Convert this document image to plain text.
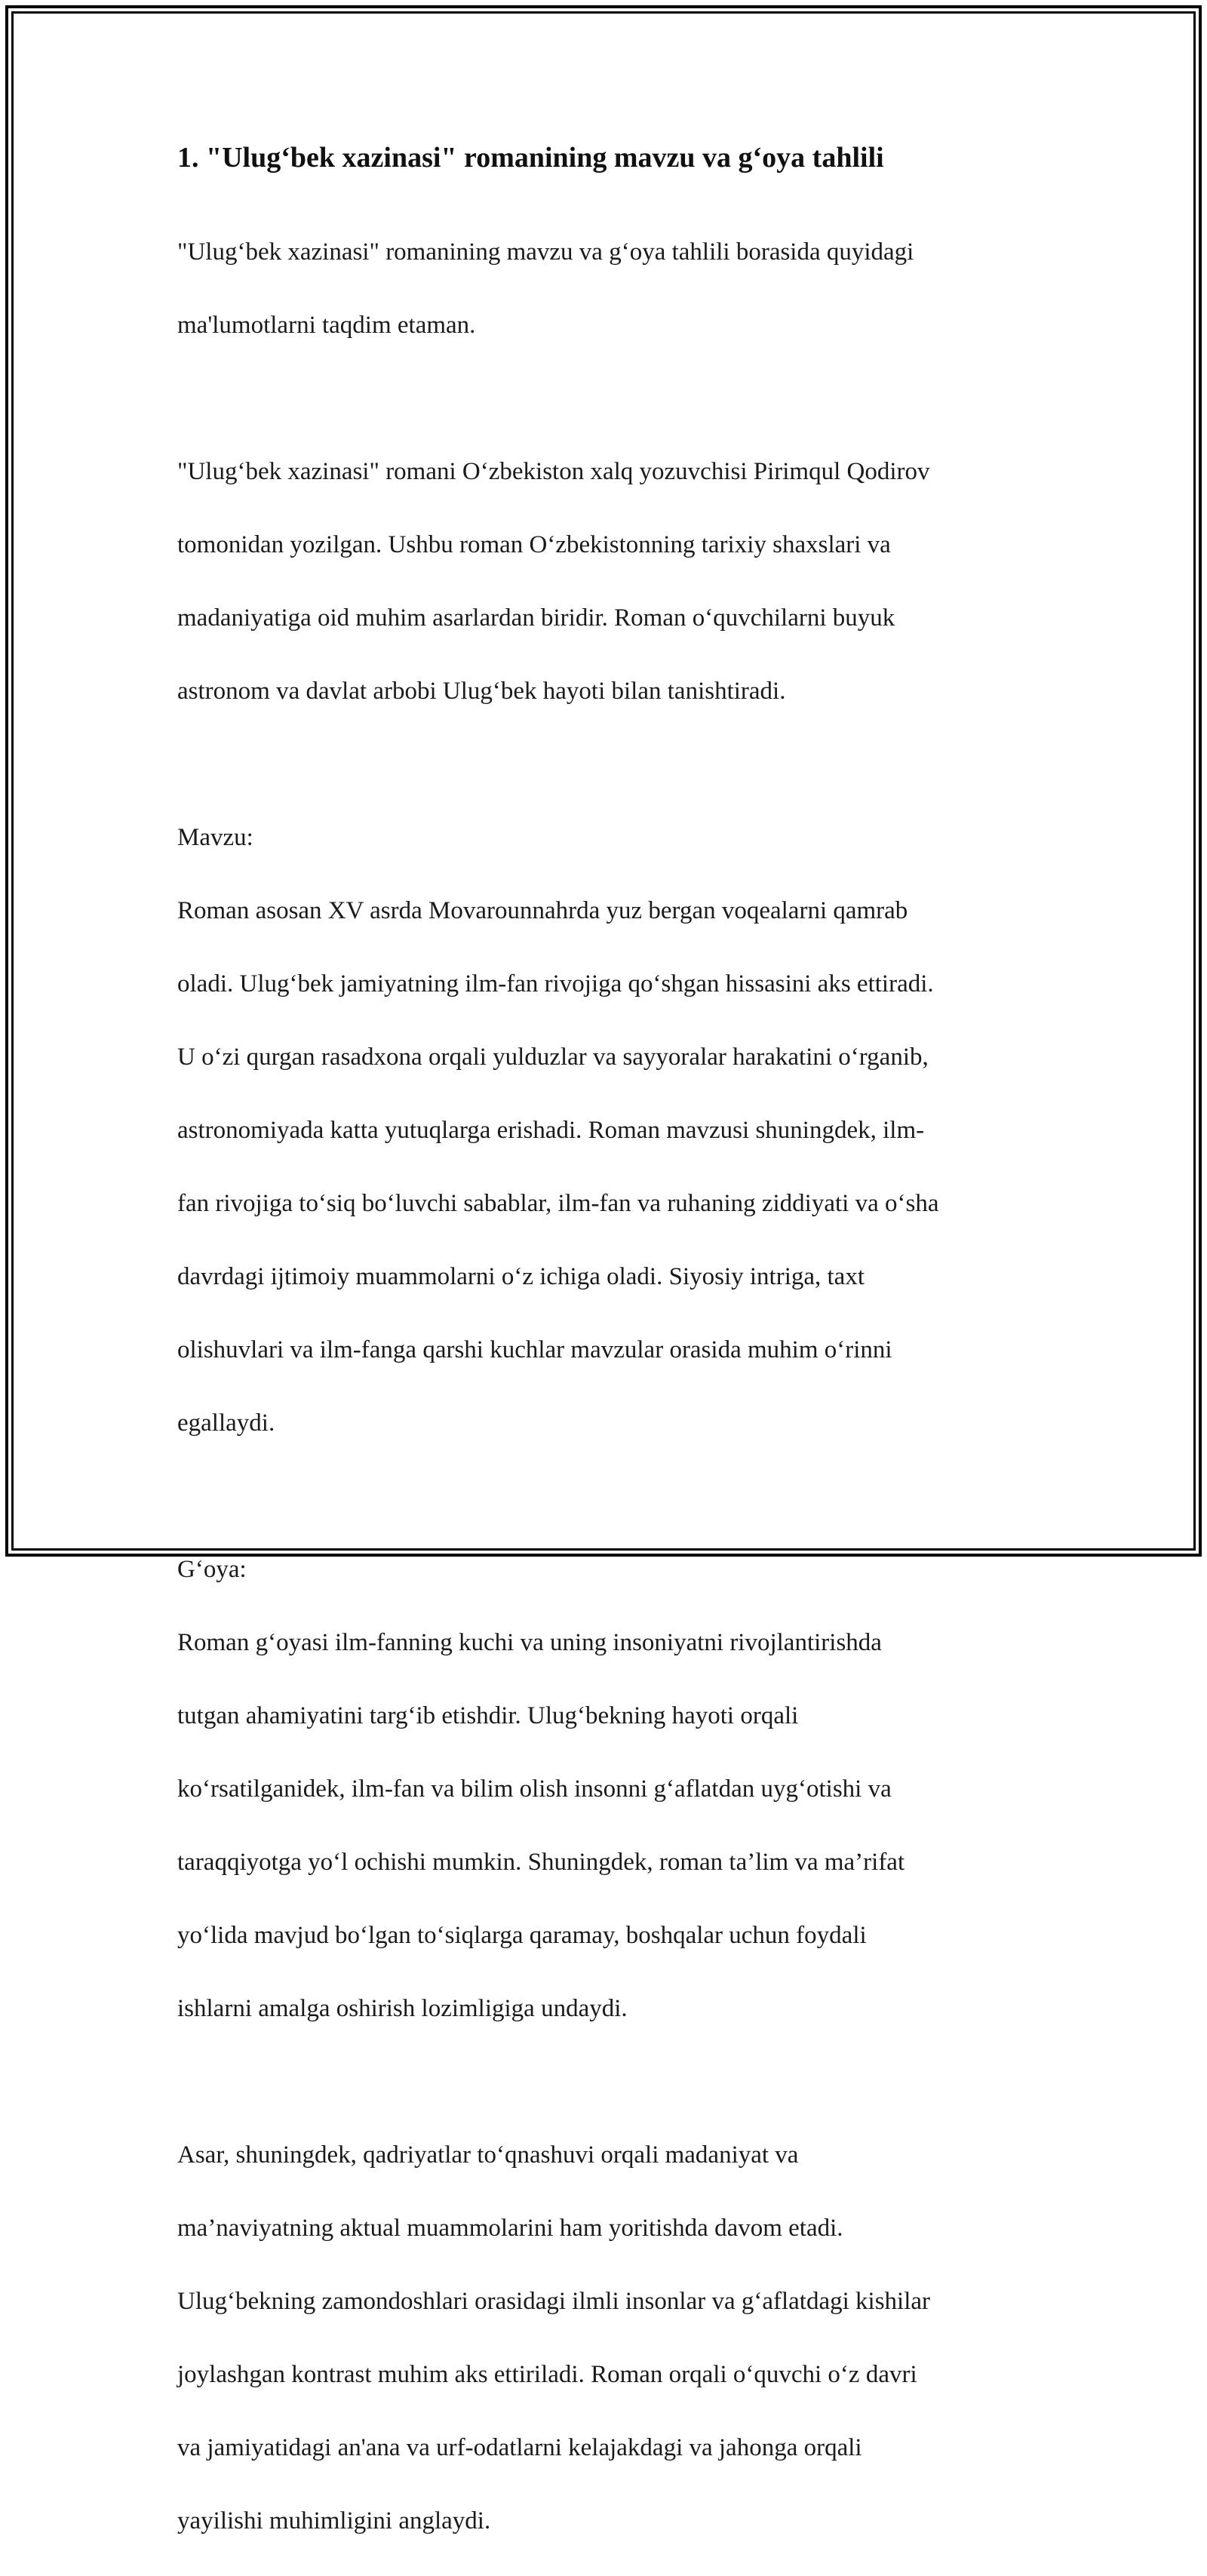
1. "Ulug‘bek xazinasi" romanining mavzu va g‘oya tahlili

"Ulug‘bek xazinasi" romanining mavzu va g‘oya tahlili borasida quyidagi

ma'lumotlarni taqdim etaman.

"Ulug‘bek xazinasi" romani O‘zbekiston xalq yozuvchisi Pirimqul Qodirov

tomonidan yozilgan. Ushbu roman O‘zbekistonning tarixiy shaxslari va

madaniyatiga oid muhim asarlardan biridir. Roman o‘quvchilarni buyuk

astronom va davlat arbobi Ulug‘bek hayoti bilan tanishtiradi.

Mavzu:

Roman asosan XV asrda Movarounnahrda yuz bergan voqealarni qamrab

oladi. Ulug‘bek jamiyatning ilm-fan rivojiga qo‘shgan hissasini aks ettiradi.

U o‘zi qurgan rasadxona orqali yulduzlar va sayyoralar harakatini o‘rganib,

astronomiyada katta yutuqlarga erishadi. Roman mavzusi shuningdek, ilm-

fan rivojiga to‘siq bo‘luvchi sabablar, ilm-fan va ruhaning ziddiyati va o‘sha

davrdagi ijtimoiy muammolarni o‘z ichiga oladi. Siyosiy intriga, taxt

olishuvlari va ilm-fanga qarshi kuchlar mavzular orasida muhim o‘rinni

egallaydi.

G‘oya:

Roman g‘oyasi ilm-fanning kuchi va uning insoniyatni rivojlantirishda

tutgan ahamiyatini targ‘ib etishdir. Ulug‘bekning hayoti orqali

ko‘rsatilganidek, ilm-fan va bilim olish insonni g‘aflatdan uyg‘otishi va

taraqqiyotga yo‘l ochishi mumkin. Shuningdek, roman ta’lim va ma’rifat

yo‘lida mavjud bo‘lgan to‘siqlarga qaramay, boshqalar uchun foydali

ishlarni amalga oshirish lozimligiga undaydi.

Asar, shuningdek, qadriyatlar to‘qnashuvi orqali madaniyat va

ma’naviyatning aktual muammolarini ham yoritishda davom etadi.

Ulug‘bekning zamondoshlari orasidagi ilmli insonlar va g‘aflatdagi kishilar

joylashgan kontrast muhim aks ettiriladi. Roman orqali o‘quvchi o‘z davri

va jamiyatidagi an'ana va urf-odatlarni kelajakdagi va jahonga orqali

yayilishi muhimligini anglaydi.
